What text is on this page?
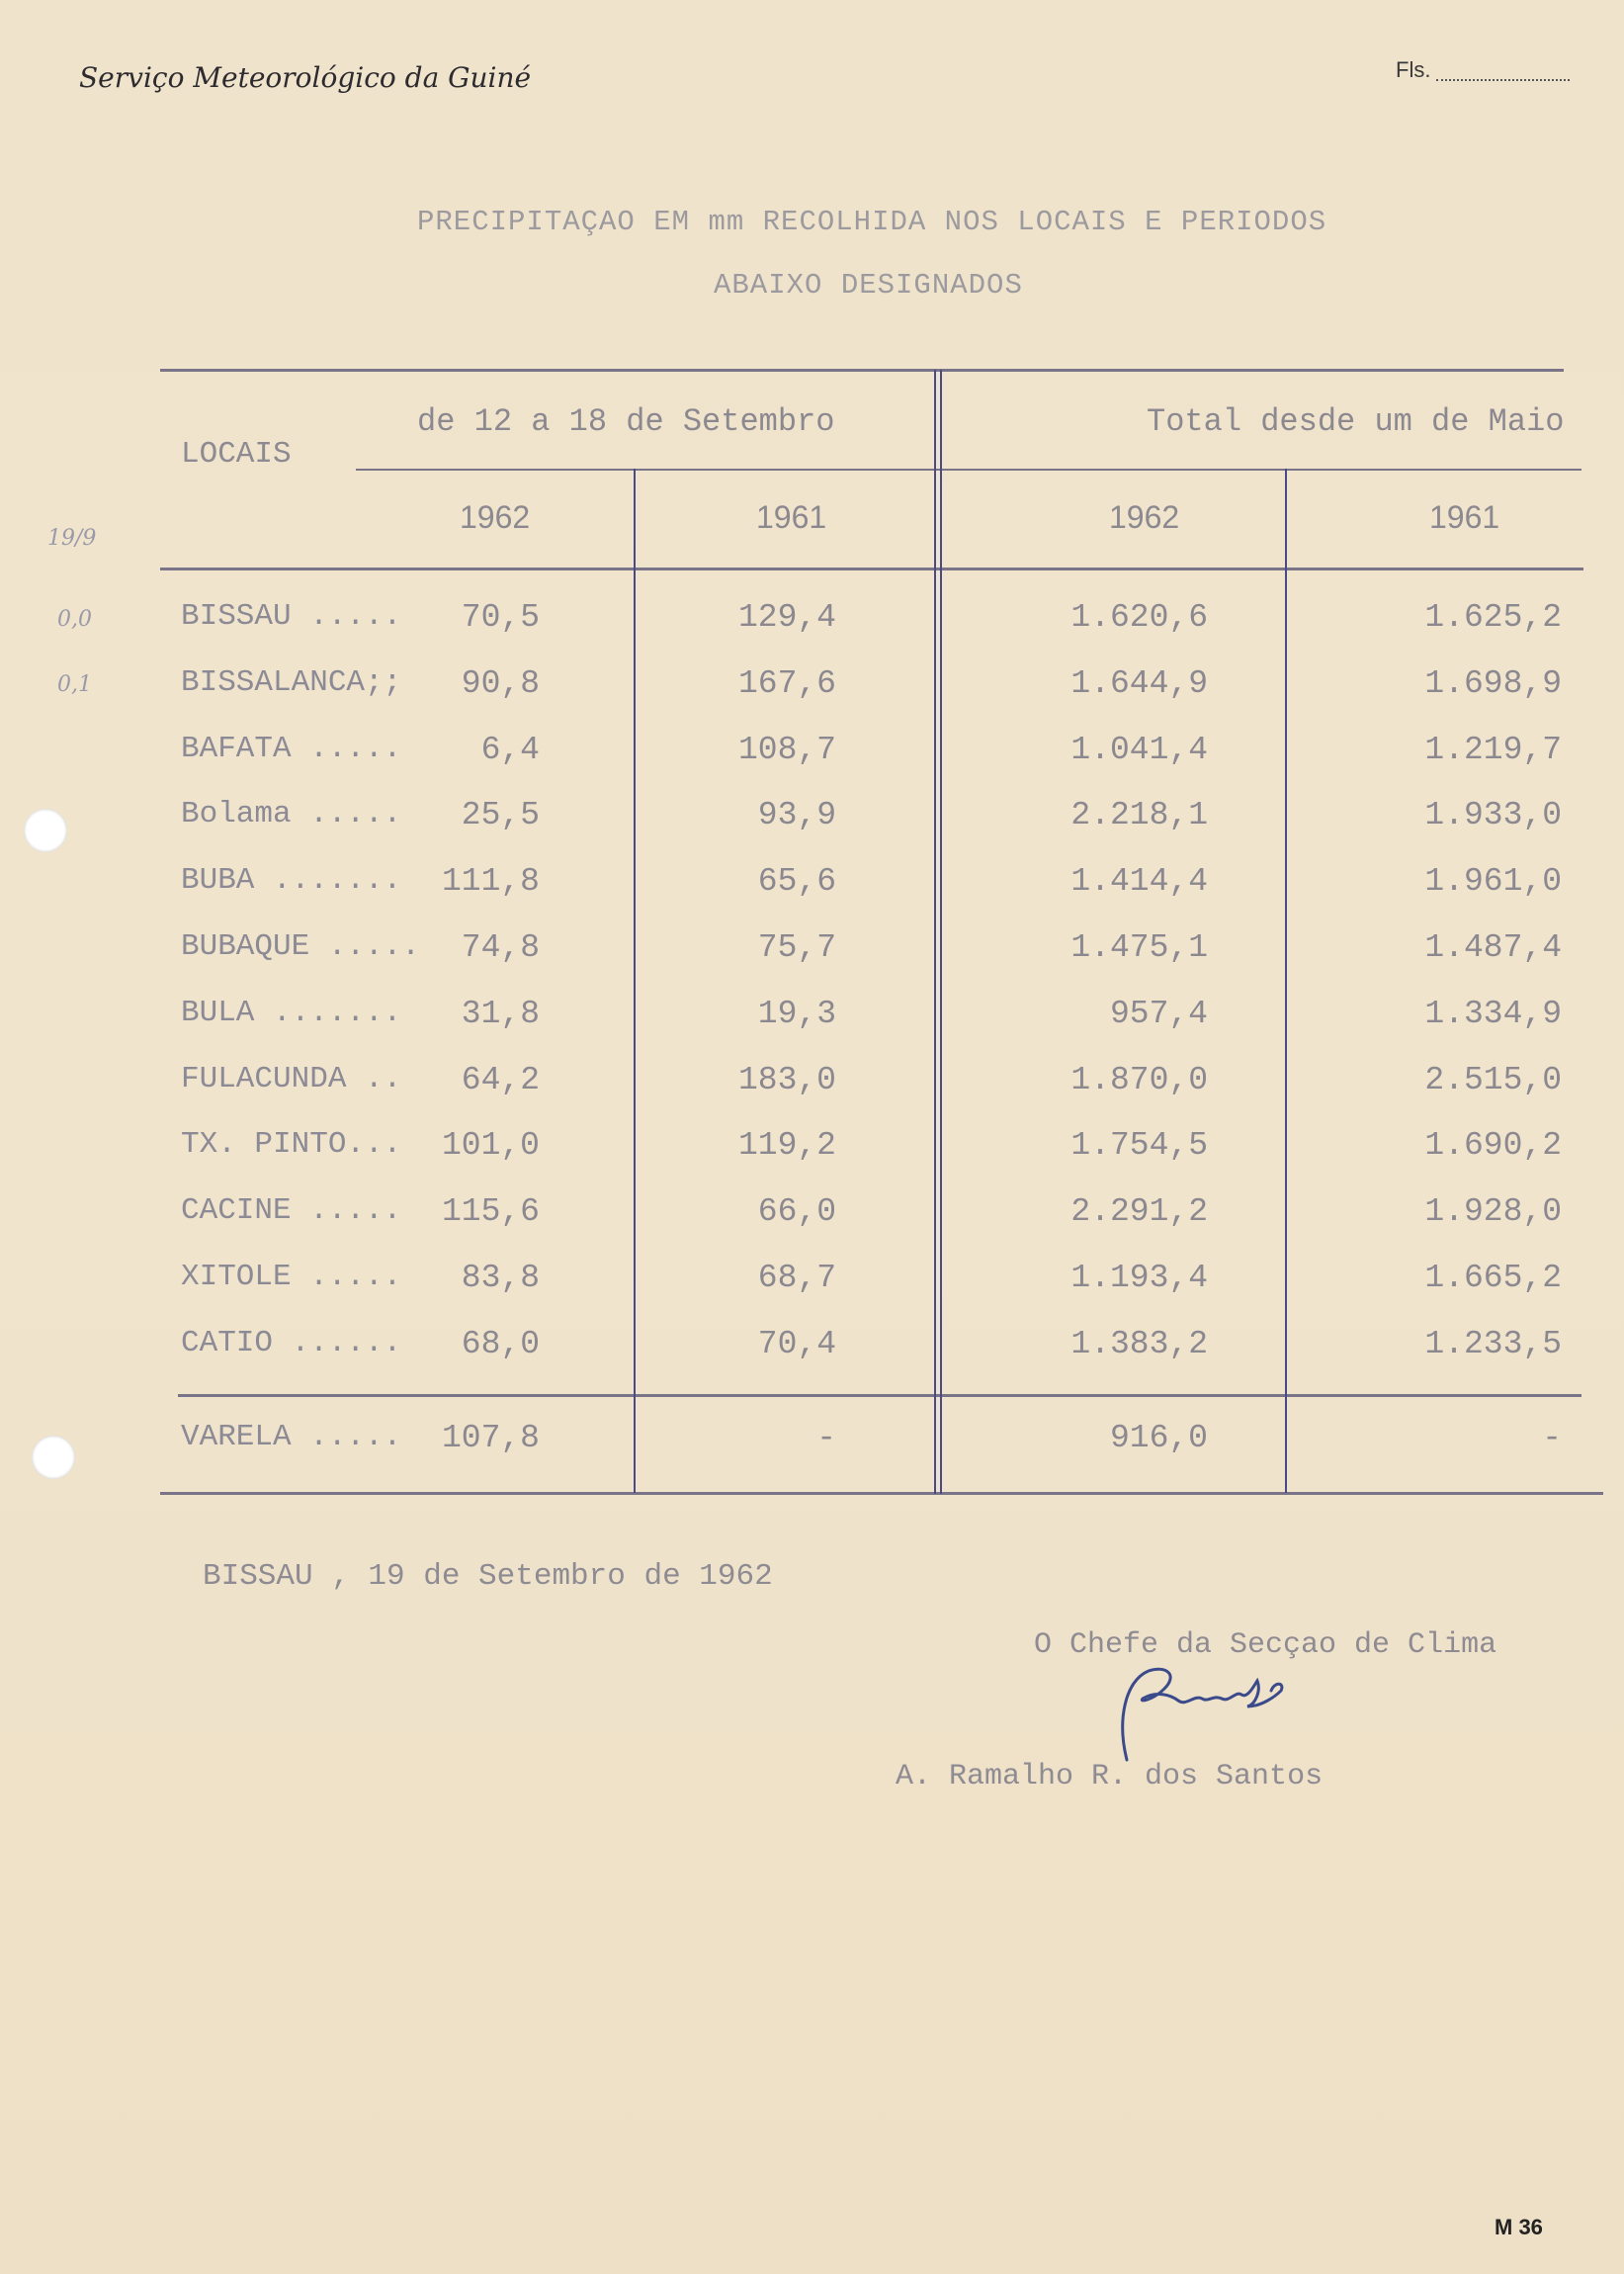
Serviço Meteorológico da Guiné	Fls.
PRECIPITAÇAO EM mm RECOLHIDA NOS LOCAIS E PERIODOS
ABAIXO DESIGNADOS
LOCAIS
de 12 a 18 de Setembro	Total desde um de Maio
1962	1961	1962	1961
BISSAU .....	70,5	129,4	1.620,6	1.625,2
BISSALANCA;;	90,8	167,6	1.644,9	1.698,9
BAFATA .....	6,4	108,7	1.041,4	1.219,7
Bolama .....	25,5	93,9	2.218,1	1.933,0
BUBA .......	111,8	65,6	1.414,4	1.961,0
BUBAQUE .....	74,8	75,7	1.475,1	1.487,4
BULA .......	31,8	19,3	957,4	1.334,9
FULACUNDA ..	64,2	183,0	1.870,0	2.515,0
TX. PINTO...	101,0	119,2	1.754,5	1.690,2
CACINE .....	115,6	66,0	2.291,2	1.928,0
XITOLE .....	83,8	68,7	1.193,4	1.665,2
CATIO ......	68,0	70,4	1.383,2	1.233,5
VARELA .....	107,8	-	916,0	-
19/9
0,0
0,1
BISSAU , 19 de Setembro de 1962
O Chefe da Secçao de Clima
A. Ramalho R. dos Santos
M 36
